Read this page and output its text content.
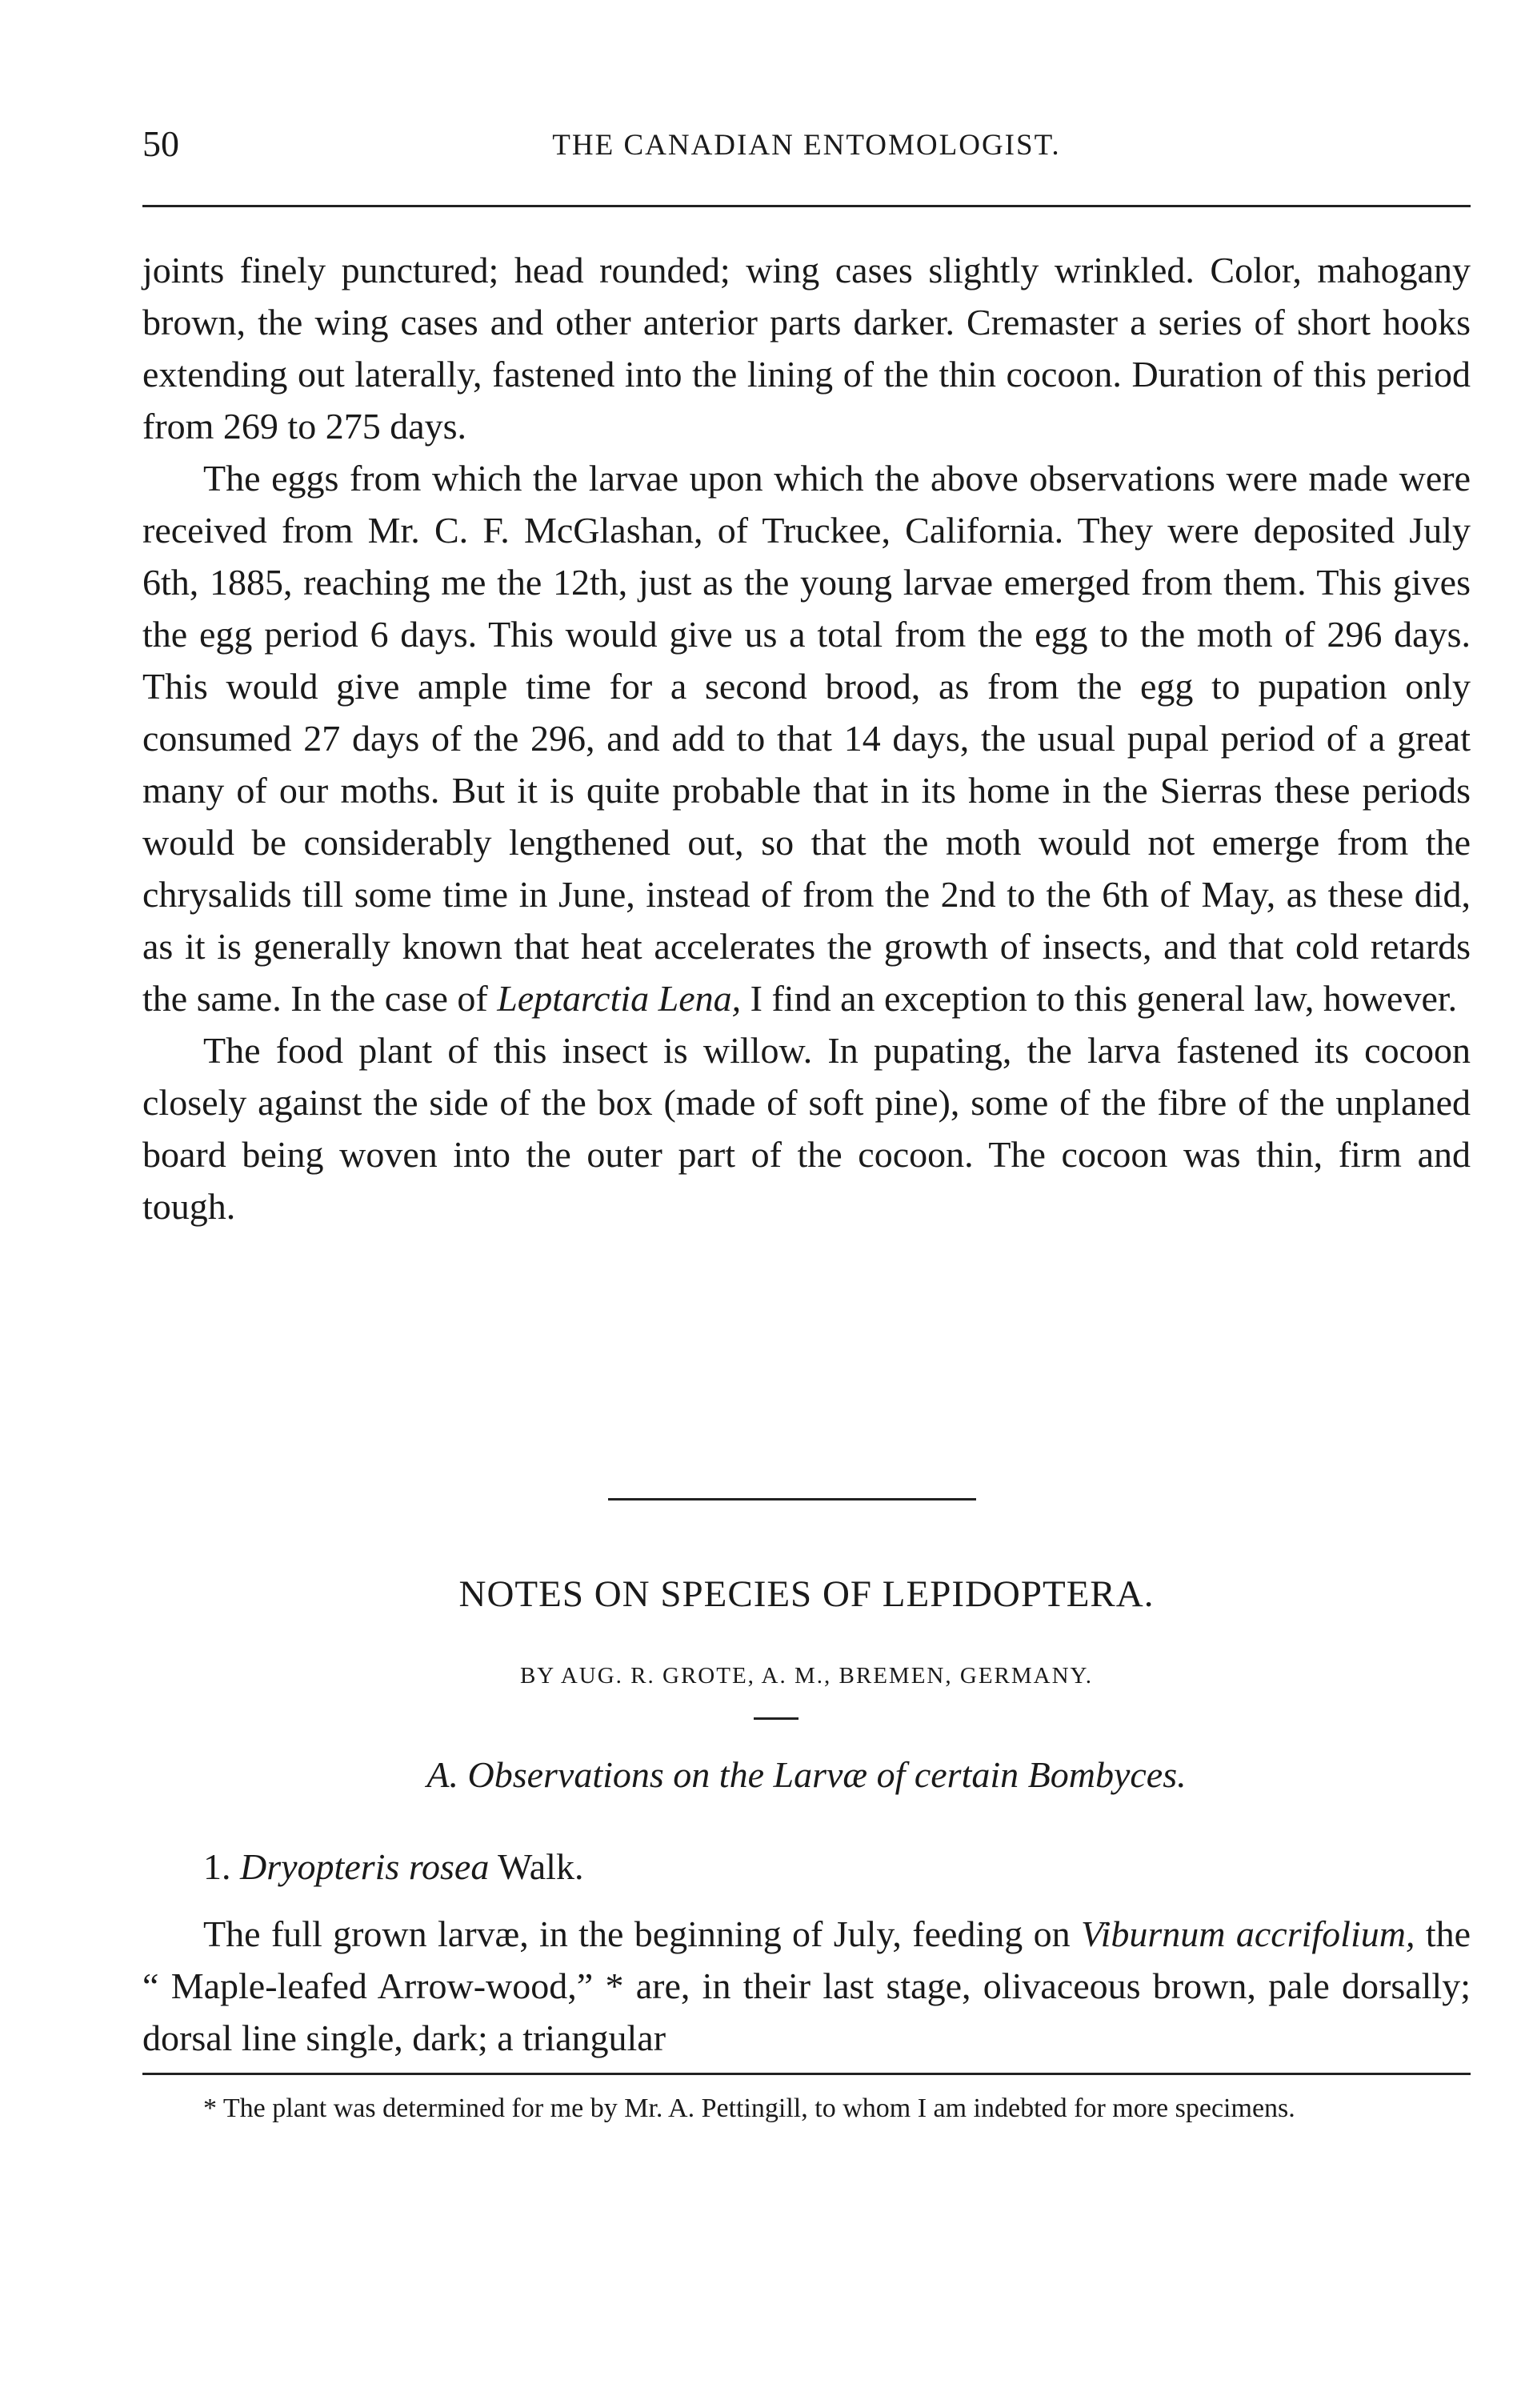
50	THE CANADIAN ENTOMOLOGIST.

joints finely punctured; head rounded; wing cases slightly wrinkled. Color, mahogany brown, the wing cases and other anterior parts darker. Cremaster a series of short hooks extending out laterally, fastened into the lining of the thin cocoon. Duration of this period from 269 to 275 days.

The eggs from which the larvae upon which the above observations were made were received from Mr. C. F. McGlashan, of Truckee, California. They were deposited July 6th, 1885, reaching me the 12th, just as the young larvae emerged from them. This gives the egg period 6 days. This would give us a total from the egg to the moth of 296 days. This would give ample time for a second brood, as from the egg to pupation only consumed 27 days of the 296, and add to that 14 days, the usual pupal period of a great many of our moths. But it is quite probable that in its home in the Sierras these periods would be considerably lengthened out, so that the moth would not emerge from the chrysalids till some time in June, instead of from the 2nd to the 6th of May, as these did, as it is generally known that heat accelerates the growth of insects, and that cold retards the same. In the case of Leptarctia Lena, I find an exception to this general law, however.

The food plant of this insect is willow. In pupating, the larva fastened its cocoon closely against the side of the box (made of soft pine), some of the fibre of the unplaned board being woven into the outer part of the cocoon. The cocoon was thin, firm and tough.

NOTES ON SPECIES OF LEPIDOPTERA.
BY AUG. R. GROTE, A. M., BREMEN, GERMANY.
A. Observations on the Larvæ of certain Bombyces.
1. Dryopteris rosea Walk.

The full grown larvæ, in the beginning of July, feeding on Viburnum accrifolium, the “ Maple-leafed Arrow-wood,” * are, in their last stage, olivaceous brown, pale dorsally; dorsal line single, dark; a triangular

* The plant was determined for me by Mr. A. Pettingill, to whom I am indebted for more specimens.
